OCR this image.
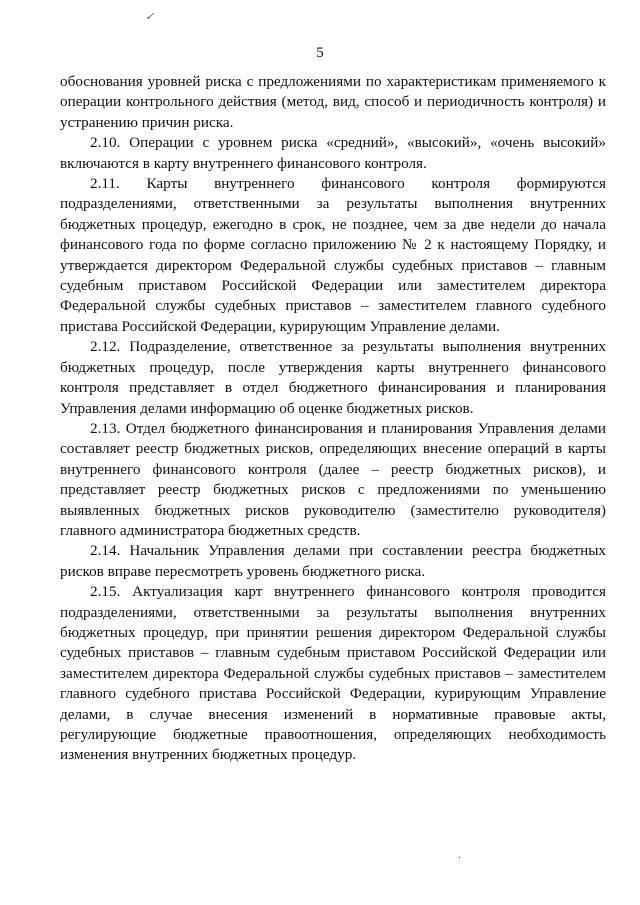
✓
5

обоснования уровней риска с предложениями по характеристикам применяемого к операции контрольного действия (метод, вид, способ и периодичность контроля) и устранению причин риска.

2.10. Операции с уровнем риска «средний», «высокий», «очень высокий» включаются в карту внутреннего финансового контроля.

2.11. Карты внутреннего финансового контроля формируются подразделениями, ответственными за результаты выполнения внутренних бюджетных процедур, ежегодно в срок, не позднее, чем за две недели до начала финансового года по форме согласно приложению № 2 к настоящему Порядку, и утверждается директором Федеральной службы судебных приставов – главным судебным приставом Российской Федерации или заместителем директора Федеральной службы судебных приставов – заместителем главного судебного пристава Российской Федерации, курирующим Управление делами.

2.12. Подразделение, ответственное за результаты выполнения внутренних бюджетных процедур, после утверждения карты внутреннего финансового контроля представляет в отдел бюджетного финансирования и планирования Управления делами информацию об оценке бюджетных рисков.

2.13. Отдел бюджетного финансирования и планирования Управления делами составляет реестр бюджетных рисков, определяющих внесение операций в карты внутреннего финансового контроля (далее – реестр бюджетных рисков), и представляет реестр бюджетных рисков с предложениями по уменьшению выявленных бюджетных рисков руководителю (заместителю руководителя) главного администратора бюджетных средств.

2.14. Начальник Управления делами при составлении реестра бюджетных рисков вправе пересмотреть уровень бюджетного риска.

2.15. Актуализация карт внутреннего финансового контроля проводится подразделениями, ответственными за результаты выполнения внутренних бюджетных процедур, при принятии решения директором Федеральной службы судебных приставов – главным судебным приставом Российской Федерации или заместителем директора Федеральной службы судебных приставов – заместителем главного судебного пристава Российской Федерации, курирующим Управление делами, в случае внесения изменений в нормативные правовые акты, регулирующие бюджетные правоотношения, определяющих необходимость изменения внутренних бюджетных процедур.

.
